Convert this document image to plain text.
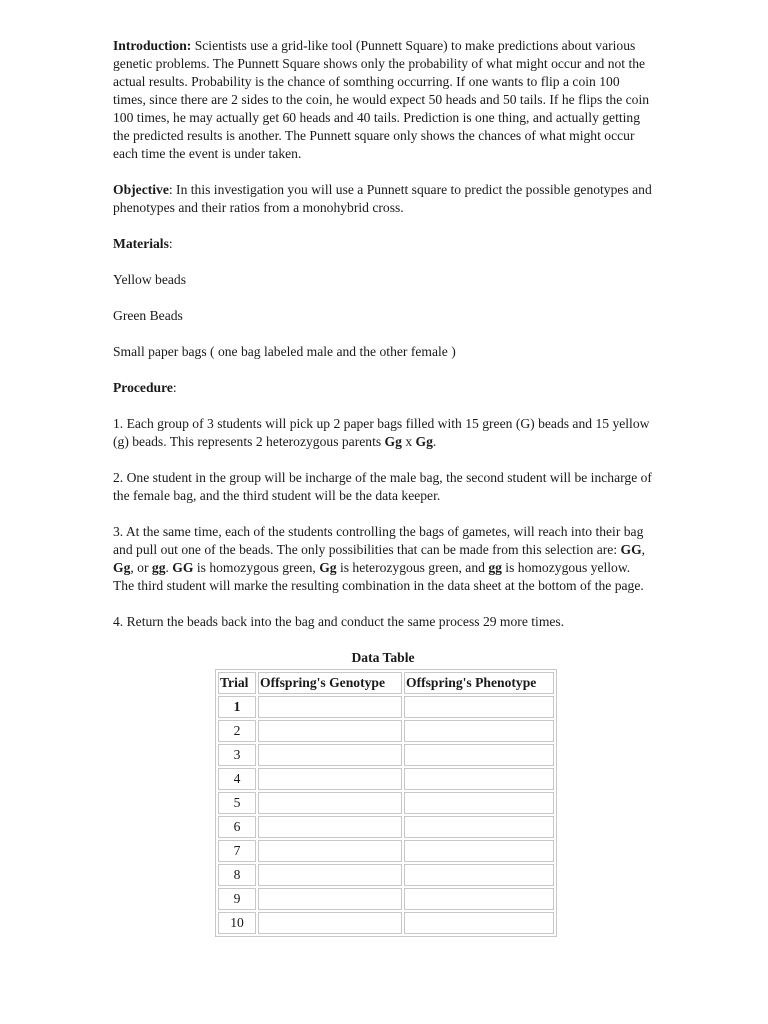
Introduction: Scientists use a grid-like tool (Punnett Square) to make predictions about various genetic problems. The Punnett Square shows only the probability of what might occur and not the actual results. Probability is the chance of somthing occurring. If one wants to flip a coin 100 times, since there are 2 sides to the coin, he would expect 50 heads and 50 tails. If he flips the coin 100 times, he may actually get 60 heads and 40 tails. Prediction is one thing, and actually getting the predicted results is another. The Punnett square only shows the chances of what might occur each time the event is under taken.

Objective: In this investigation you will use a Punnett square to predict the possible genotypes and phenotypes and their ratios from a monohybrid cross.

Materials:

Yellow beads

Green Beads

Small paper bags ( one bag labeled male and the other female )

Procedure:

1. Each group of 3 students will pick up 2 paper bags filled with 15 green (G) beads and 15 yellow (g) beads. This represents 2 heterozygous parents Gg x Gg.

2. One student in the group will be incharge of the male bag, the second student will be incharge of the female bag, and the third student will be the data keeper.

3. At the same time, each of the students controlling the bags of gametes, will reach into their bag and pull out one of the beads. The only possibilities that can be made from this selection are: GG, Gg, or gg. GG is homozygous green, Gg is heterozygous green, and gg is homozygous yellow. The third student will marke the resulting combination in the data sheet at the bottom of the page.

4. Return the beads back into the bag and conduct the same process 29 more times.

Data Table
Trial	Offspring's Genotype	Offspring's Phenotype
1		
2		
3		
4		
5		
6		
7		
8		
9		
10		
